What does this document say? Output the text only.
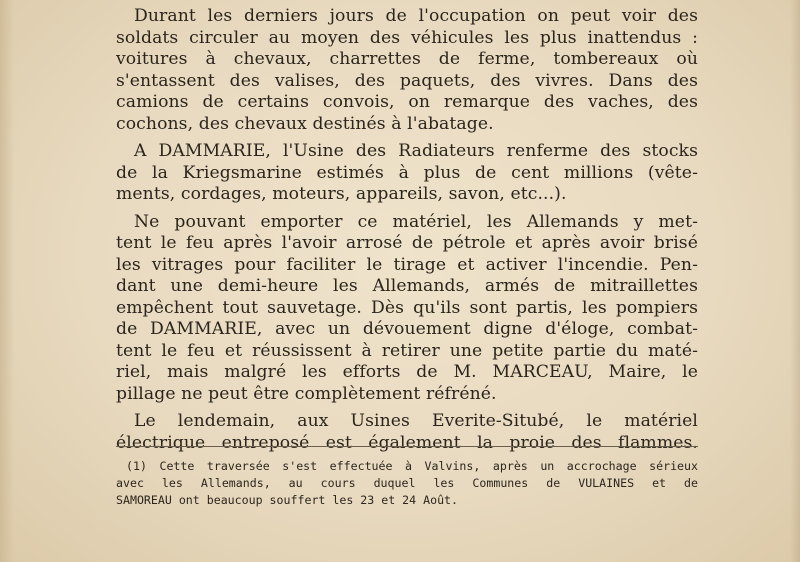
Durant les derniers jours de l'occupation on peut voir des
soldats circuler au moyen des véhicules les plus inattendus :
voitures à chevaux, charrettes de ferme, tombereaux où
s'entassent des valises, des paquets, des vivres. Dans des
camions de certains convois, on remarque des vaches, des
cochons, des chevaux destinés à l'abatage.
A DAMMARIE, l'Usine des Radiateurs renferme des stocks
de la Kriegsmarine estimés à plus de cent millions (vête-
ments, cordages, moteurs, appareils, savon, etc...).
Ne pouvant emporter ce matériel, les Allemands y met-
tent le feu après l'avoir arrosé de pétrole et après avoir brisé
les vitrages pour faciliter le tirage et activer l'incendie. Pen-
dant une demi-heure les Allemands, armés de mitraillettes
empêchent tout sauvetage. Dès qu'ils sont partis, les pompiers
de DAMMARIE, avec un dévouement digne d'éloge, combat-
tent le feu et réussissent à retirer une petite partie du maté-
riel, mais malgré les efforts de M. MARCEAU, Maire, le
pillage ne peut être complètement réfréné.
Le lendemain, aux Usines Everite-Situbé, le matériel
électrique entreposé est également la proie des flammes.
(1) Cette traversée s'est effectuée à Valvins, après un accrochage sérieux
avec les Allemands, au cours duquel les Communes de VULAINES et de
SAMOREAU ont beaucoup souffert les 23 et 24 Août.
